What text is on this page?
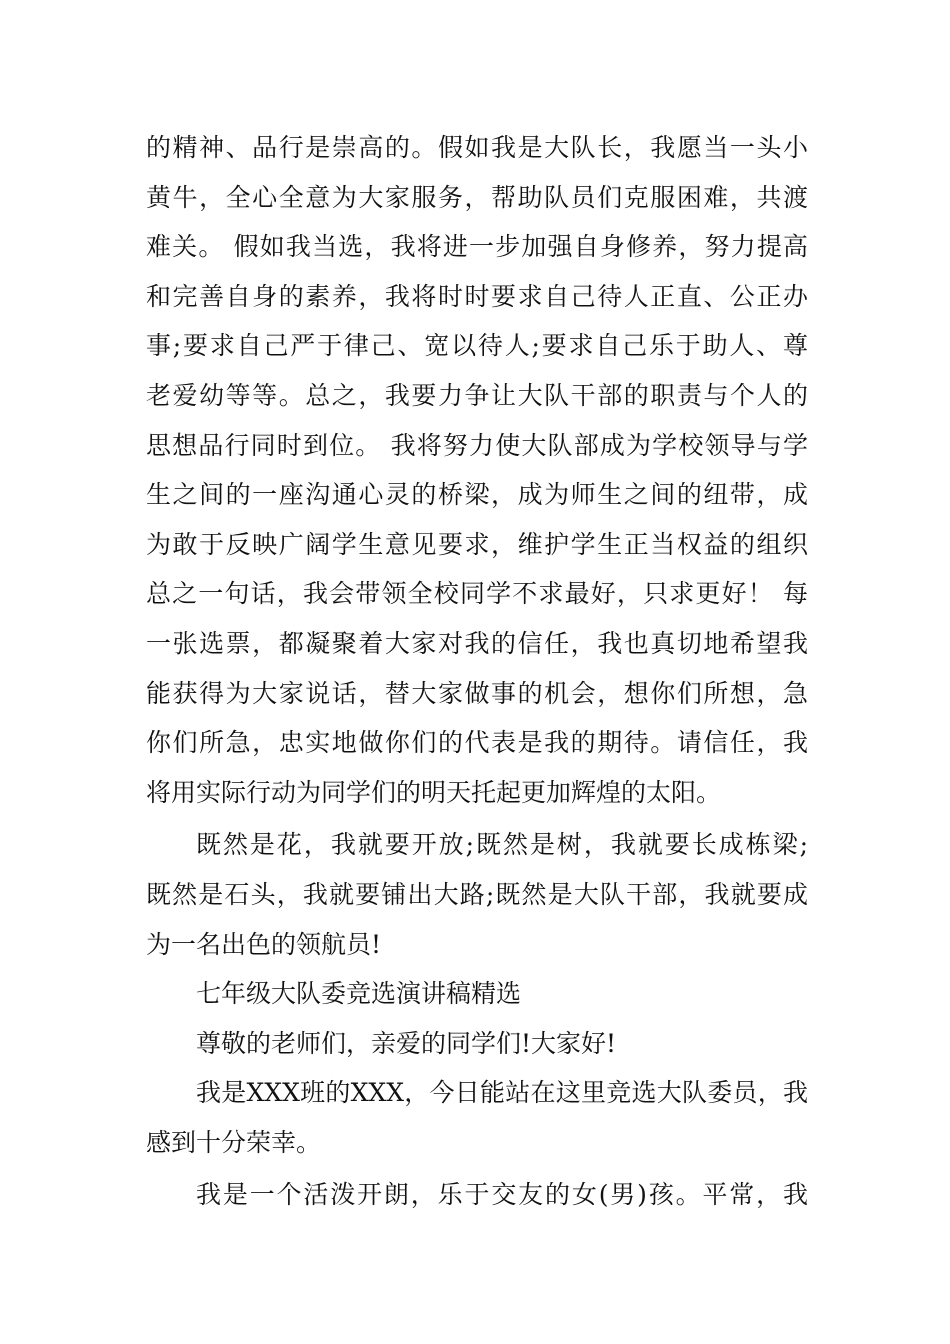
的精神、品行是崇高的。假如我是大队长，我愿当一头小
黄牛，全心全意为大家服务，帮助队员们克服困难，共渡
难关。 假如我当选，我将进一步加强自身修养，努力提高
和完善自身的素养，我将时时要求自己待人正直、公正办
事;要求自己严于律己、宽以待人;要求自己乐于助人、尊
老爱幼等等。总之，我要力争让大队干部的职责与个人的
思想品行同时到位。 我将努力使大队部成为学校领导与学
生之间的一座沟通心灵的桥梁，成为师生之间的纽带，成
为敢于反映广阔学生意见要求，维护学生正当权益的组织
总之一句话，我会带领全校同学不求最好，只求更好！ 每
一张选票，都凝聚着大家对我的信任，我也真切地希望我
能获得为大家说话，替大家做事的机会，想你们所想，急
你们所急，忠实地做你们的代表是我的期待。请信任，我
将用实际行动为同学们的明天托起更加辉煌的太阳。
既然是花，我就要开放;既然是树，我就要长成栋梁;
既然是石头，我就要铺出大路;既然是大队干部，我就要成
为一名出色的领航员!
七年级大队委竞选演讲稿精选
尊敬的老师们，亲爱的同学们!大家好!
我是XXX班的XXX，今日能站在这里竞选大队委员，我
感到十分荣幸。
我是一个活泼开朗，乐于交友的女(男)孩。平常，我
